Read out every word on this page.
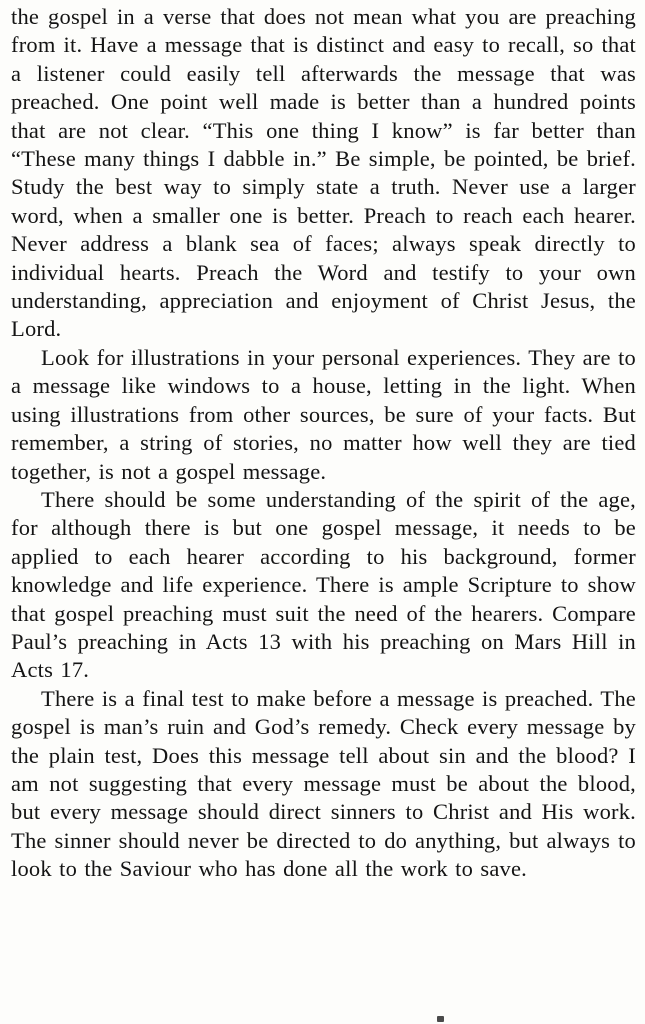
the gospel in a verse that does not mean what you are preaching from it. Have a message that is distinct and easy to recall, so that a listener could easily tell afterwards the message that was preached. One point well made is better than a hundred points that are not clear. “This one thing I know” is far better than “These many things I dabble in.” Be simple, be pointed, be brief. Study the best way to simply state a truth. Never use a larger word, when a smaller one is better. Preach to reach each hearer. Never address a blank sea of faces; always speak directly to individual hearts. Preach the Word and testify to your own understanding, appreciation and enjoyment of Christ Jesus, the Lord.

Look for illustrations in your personal experiences. They are to a message like windows to a house, letting in the light. When using illustrations from other sources, be sure of your facts. But remember, a string of stories, no matter how well they are tied together, is not a gospel message.

There should be some understanding of the spirit of the age, for although there is but one gospel message, it needs to be applied to each hearer according to his background, former knowledge and life experience. There is ample Scripture to show that gospel preaching must suit the need of the hearers. Compare Paul’s preaching in Acts 13 with his preaching on Mars Hill in Acts 17.

There is a final test to make before a message is preached. The gospel is man’s ruin and God’s remedy. Check every message by the plain test, Does this message tell about sin and the blood? I am not suggesting that every message must be about the blood, but every message should direct sinners to Christ and His work. The sinner should never be directed to do anything, but always to look to the Saviour who has done all the work to save.
